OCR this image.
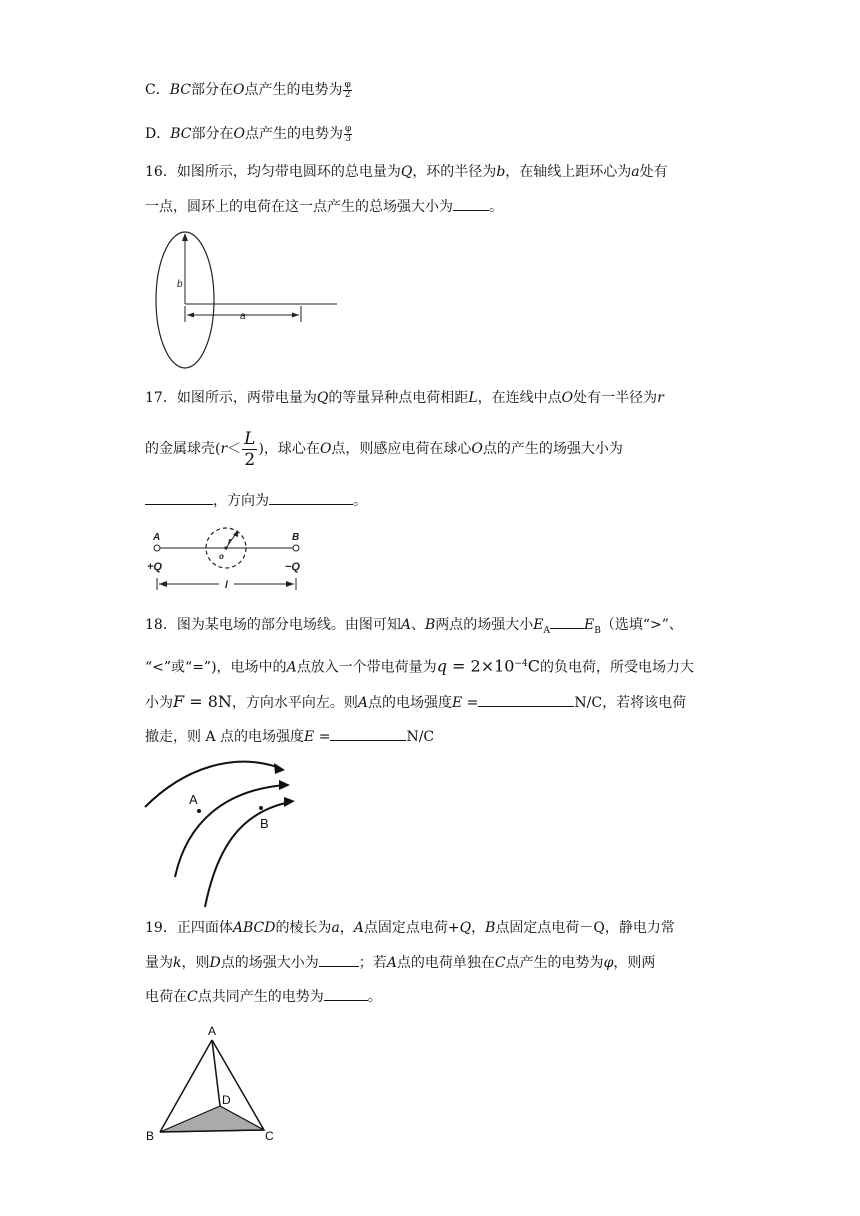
C．BC部分在O点产生的电势为 $\frac{\varphi}{2}$
D．BC部分在O点产生的电势为 $\frac{\varphi}{3}$
16．如图所示，均匀带电圆环的总电量为Q，环的半径为b，在轴线上距环心为a处有
一点，圆环上的电荷在这一点产生的总场强大小为	。
b
a
17．如图所示，两带电量为Q的等量异种点电荷相距L，在连线中点O处有一半径为r
的金属球壳($r< \frac{L}{2}$ )，球心在O点，则感应电荷在球心O点的产生的场强大小为
，方向为	。
A	B
r
o
+Q	−Q
l
18．图为某电场的部分电场线。由图可知A、B两点的场强大小$E_A$ $E_B$（选填“>”、
“<”或“=”)，电场中的A点放入一个带电荷量为$q = 2\times 10^{-4}C$的负电荷，所受电场力大
小为F = 8N，方向水平向左。则A点的电场强度E =	N/C，若将该电荷
撤走，则 A 点的电场强度E =	N/C
A
B
19．正四面体ABCD的棱长为a，A点固定点电荷+Q，B点固定点电荷－Q，静电力常
量为k，则D点的场强大小为	；若A点的电荷单独在C点产生的电势为φ，则两
电荷在C点共同产生的电势为	。
A
D
B	C
